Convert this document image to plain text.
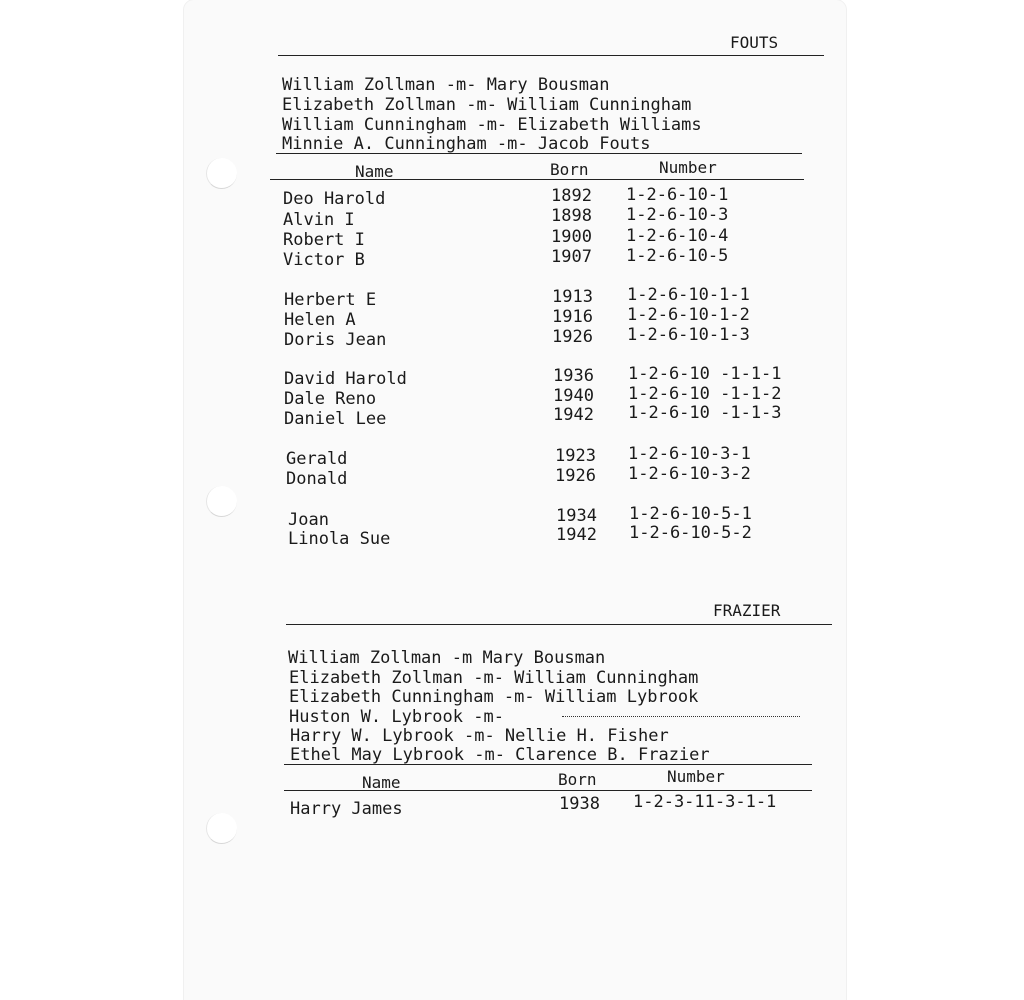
FOUTS
William Zollman -m- Mary Bousman
Elizabeth Zollman -m- William Cunningham
William Cunningham -m- Elizabeth Williams
Minnie A. Cunningham -m- Jacob Fouts
Name	Born	Number
Deo Harold	1892 1-2-6-10-1
Alvin I	1898 1-2-6-10-3
Robert I	1900 1-2-6-10-4
Victor B	1907 1-2-6-10-5
Herbert E	1913 1-2-6-10-1-1
Helen A	1916 1-2-6-10-1-2
Doris Jean	1926 1-2-6-10-1-3
David Harold	1936 1-2-6-10 -1-1-1
Dale Reno	1940 1-2-6-10 -1-1-2
Daniel Lee	1942 1-2-6-10 -1-1-3
Gerald	1923 1-2-6-10-3-1
Donald	1926 1-2-6-10-3-2
Joan	1934 1-2-6-10-5-1
Linola Sue	1942 1-2-6-10-5-2
FRAZIER
William Zollman -m Mary Bousman
Elizabeth Zollman -m- William Cunningham
Elizabeth Cunningham -m- William Lybrook
Huston W. Lybrook -m-
Harry W. Lybrook -m- Nellie H. Fisher
Ethel May Lybrook -m- Clarence B. Frazier
Name	Born	Number
Harry James	1938 1-2-3-11-3-1-1
